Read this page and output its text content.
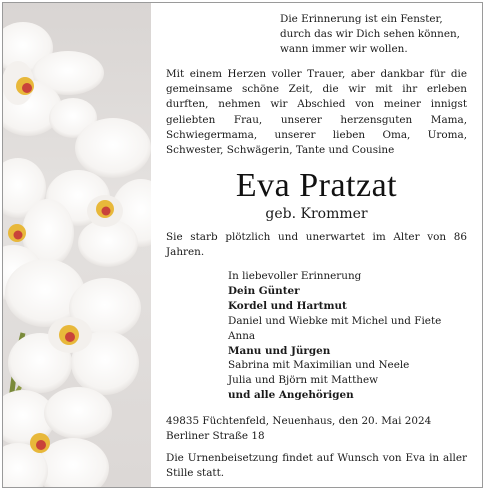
Die Erinnerung ist ein Fenster,
durch das wir Dich sehen können,
wann immer wir wollen.
Mit einem Herzen voller Trauer, aber dankbar für die gemeinsame schöne Zeit, die wir mit ihr erleben durften, nehmen wir Abschied von meiner innigst geliebten Frau, unserer herzensguten Mama, Schwiegermama, unserer lieben Oma, Uroma, Schwester, Schwägerin, Tante und Cousine
Eva Pratzat
geb. Krommer
Sie starb plötzlich und unerwartet im Alter von 86 Jahren.
In liebevoller Erinnerung
Dein Günter
Kordel und Hartmut
Daniel und Wiebke mit Michel und Fiete
Anna
Manu und Jürgen
Sabrina mit Maximilian und Neele
Julia und Björn mit Matthew
und alle Angehörigen
49835 Füchtenfeld, Neuenhaus, den 20. Mai 2024
Berliner Straße 18
Die Urnenbeisetzung findet auf Wunsch von Eva in aller Stille statt.
